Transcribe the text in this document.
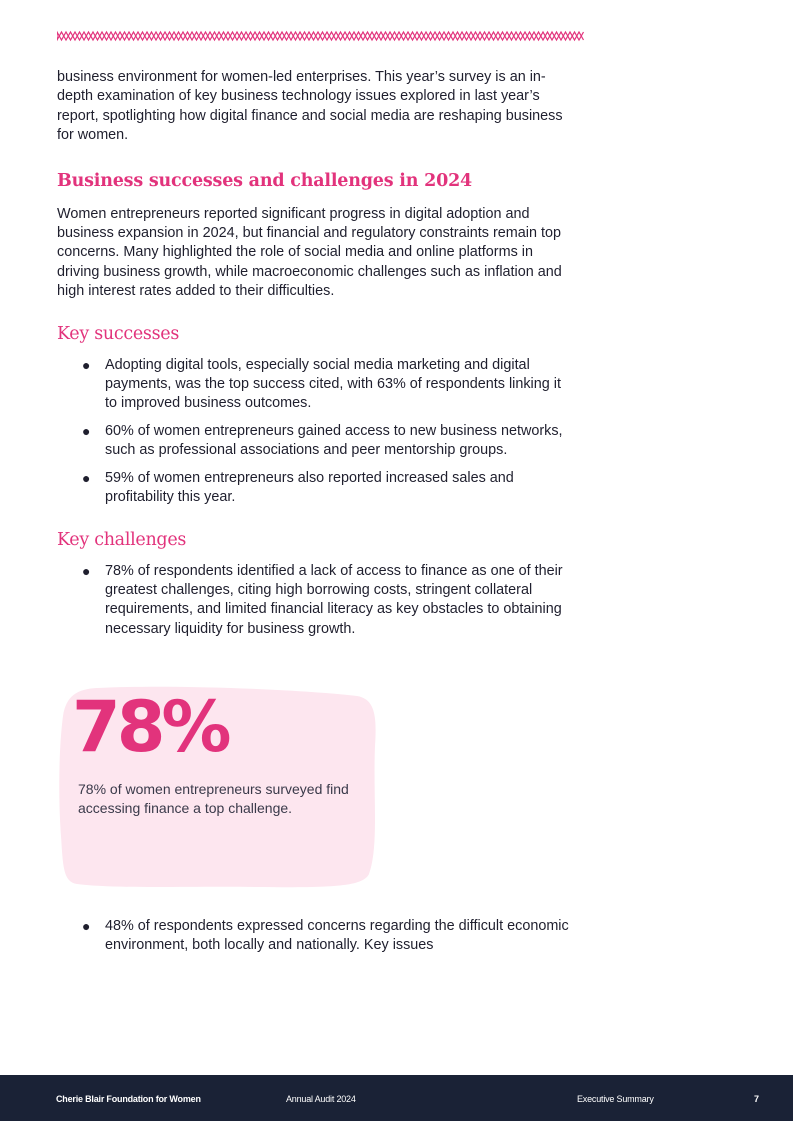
business environment for women-led enterprises. This year’s survey is an in-depth examination of key business technology issues explored in last year’s report, spotlighting how digital finance and social media are reshaping business for women.

Business successes and challenges in 2024

Women entrepreneurs reported significant progress in digital adoption and business expansion in 2024, but financial and regulatory constraints remain top concerns. Many highlighted the role of social media and online platforms in driving business growth, while macroeconomic challenges such as inflation and high interest rates added to their difficulties.

Key successes
● Adopting digital tools, especially social media marketing and digital payments, was the top success cited, with 63% of respondents linking it to improved business outcomes.
● 60% of women entrepreneurs gained access to new business networks, such as professional associations and peer mentorship groups.
● 59% of women entrepreneurs also reported increased sales and profitability this year.
Key challenges
● 78% of respondents identified a lack of access to finance as one of their greatest challenges, citing high borrowing costs, stringent collateral requirements, and limited financial literacy as key obstacles to obtaining necessary liquidity for business growth.
78%
78% of women entrepreneurs surveyed find accessing finance a top challenge.
● 48% of respondents expressed concerns regarding the difficult economic environment, both locally and nationally. Key issues
Cherie Blair Foundation for Women	Annual Audit 2024	Executive Summary	7
